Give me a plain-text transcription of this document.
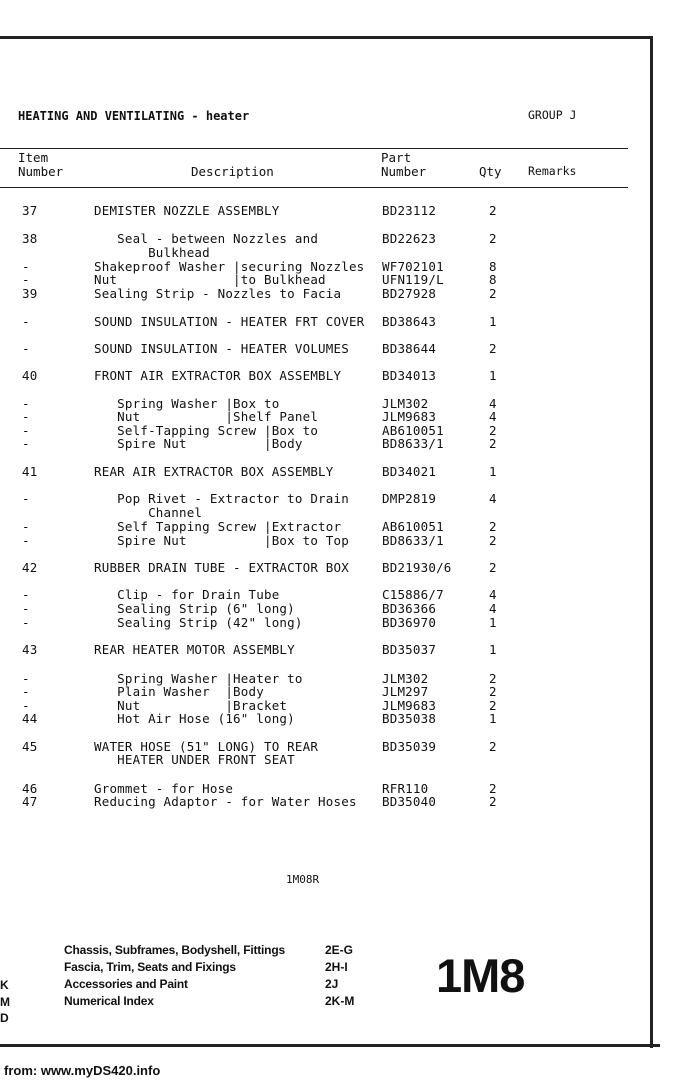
HEATING AND VENTILATING - heater	GROUP J
Item
Number	Description
Part
Number	Qty Remarks
37	DEMISTER NOZZLE ASSEMBLY	BD23112	2
38	Seal - between Nozzles and	BD22623	2
Bulkhead
-	Shakeproof Washer |securing Nozzles WF702101	8
-	Nut               |to Bulkhead	UFN119/L	8
39	Sealing Strip - Nozzles to Facia	BD27928	2
-	SOUND INSULATION - HEATER FRT COVER BD38643	1
-	SOUND INSULATION - HEATER VOLUMES	BD38644	2
40	FRONT AIR EXTRACTOR BOX ASSEMBLY	BD34013	1
-	Spring Washer |Box to	JLM302	4
-	Nut           |Shelf Panel	JLM9683	4
-	Self-Tapping Screw |Box to	AB610051	2
-	Spire Nut          |Body	BD8633/1	2
41	REAR AIR EXTRACTOR BOX ASSEMBLY	BD34021	1
-	Pop Rivet - Extractor to Drain	DMP2819	4
Channel
-	Self Tapping Screw |Extractor	AB610051	2
-	Spire Nut          |Box to Top	BD8633/1	2
42	RUBBER DRAIN TUBE - EXTRACTOR BOX	BD21930/6	2
-	Clip - for Drain Tube	C15886/7	4
-	Sealing Strip (6" long)	BD36366	4
-	Sealing Strip (42" long)	BD36970	1
43	REAR HEATER MOTOR ASSEMBLY	BD35037	1
-	Spring Washer |Heater to	JLM302	2
-	Plain Washer  |Body	JLM297	2
-	Nut           |Bracket	JLM9683	2
44	Hot Air Hose (16" long)	BD35038	1
45	WATER HOSE (51" LONG) TO REAR	BD35039	2
HEATER UNDER FRONT SEAT
46	Grommet - for Hose	RFR110	2
47	Reducing Adaptor - for Water Hoses BD35040	2
1M08R
Chassis, Subframes, Bodyshell, Fittings	2E-G
K
Fascia, Trim, Seats and Fixings	2H-I
M
Accessories and Paint	2J
D
Numerical Index	2K-M 1M8
from: www.myDS420.info
